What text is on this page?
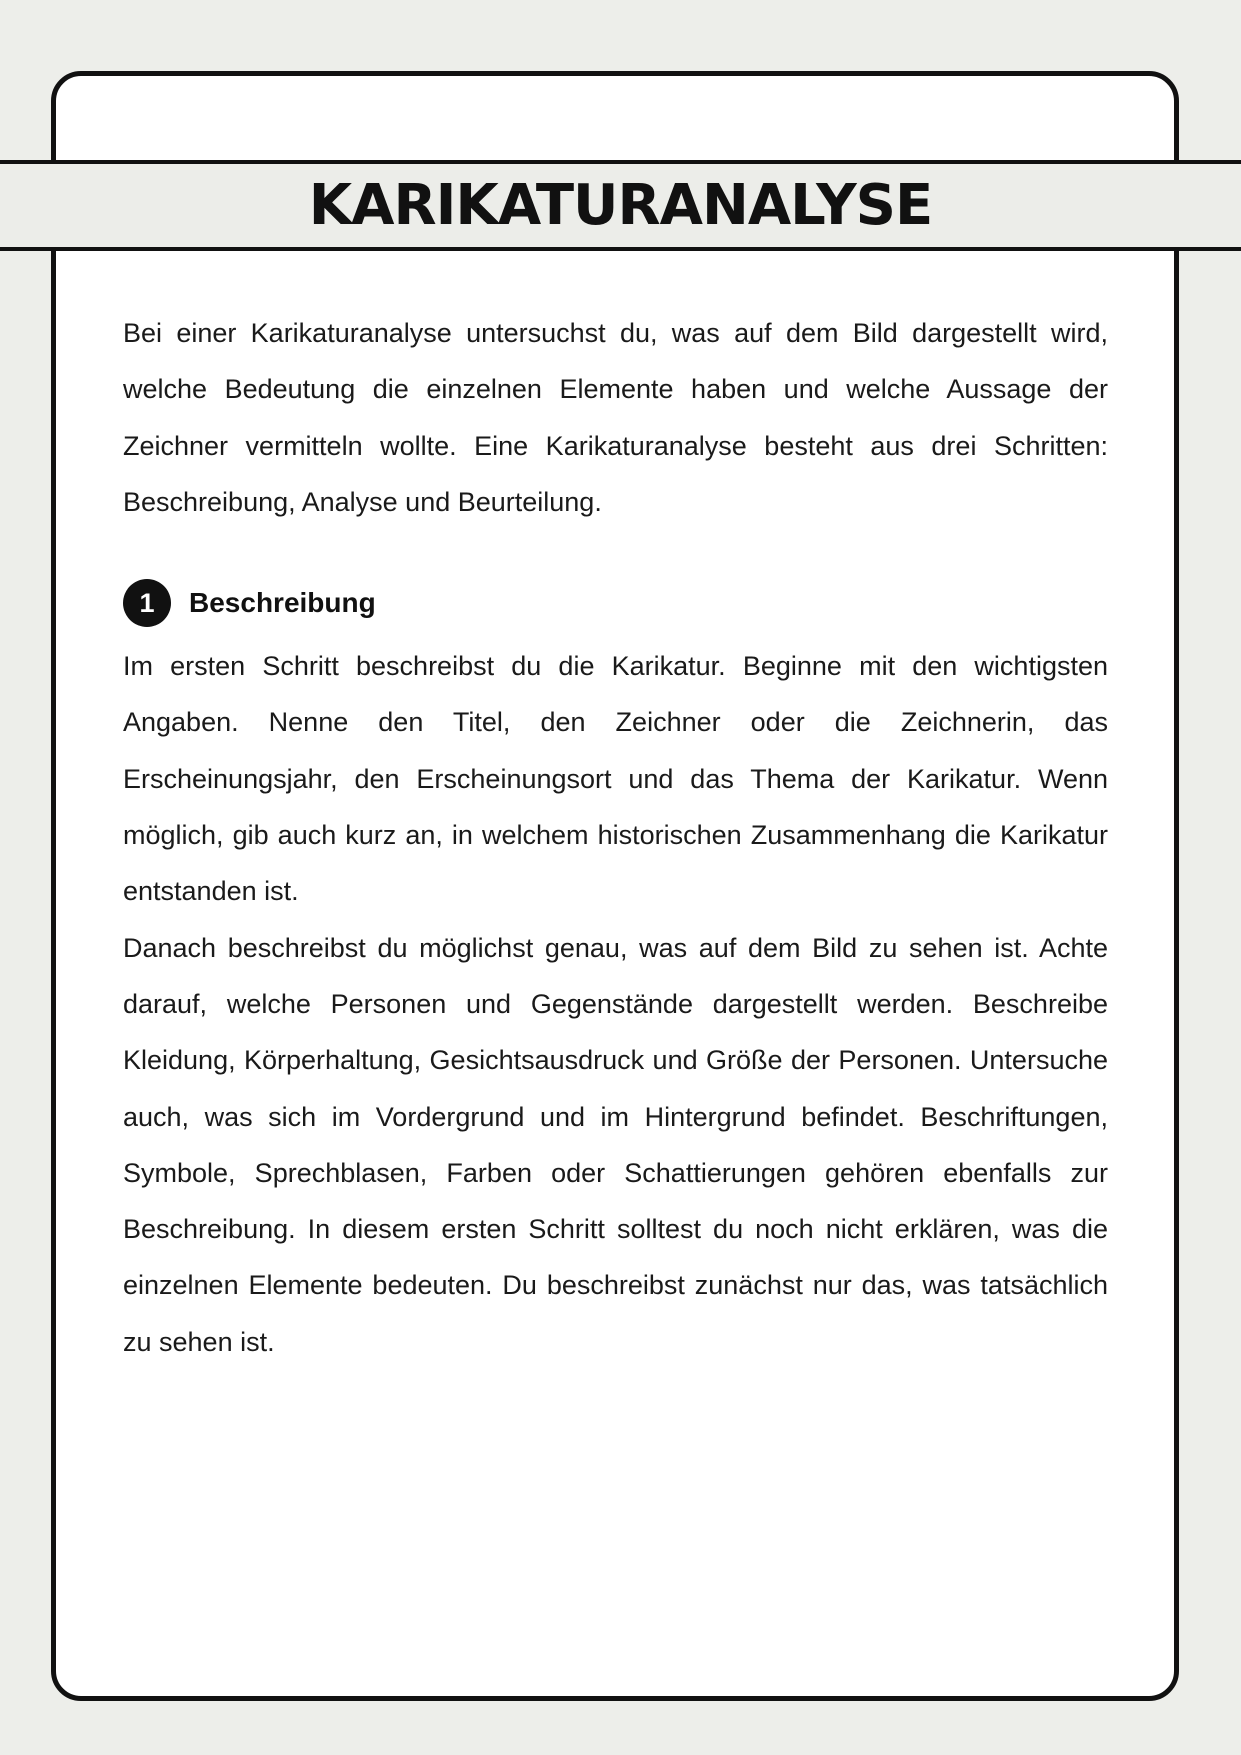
KARIKATURANALYSE

Bei einer Karikaturanalyse untersuchst du, was auf dem Bild dargestellt wird, welche Bedeutung die einzelnen Elemente haben und welche Aussage der Zeichner vermitteln wollte. Eine Karikaturanalyse besteht aus drei Schritten: Beschreibung, Analyse und Beurteilung.

1	Beschreibung

Im ersten Schritt beschreibst du die Karikatur. Beginne mit den wichtigsten Angaben. Nenne den Titel, den Zeichner oder die Zeichnerin, das Erscheinungsjahr, den Erscheinungsort und das Thema der Karikatur. Wenn möglich, gib auch kurz an, in welchem historischen Zusammenhang die Karikatur entstanden ist.

Danach beschreibst du möglichst genau, was auf dem Bild zu sehen ist. Achte darauf, welche Personen und Gegenstände dargestellt werden. Beschreibe Kleidung, Körperhaltung, Gesichtsausdruck und Größe der Personen. Untersuche auch, was sich im Vordergrund und im Hintergrund befindet. Beschriftungen, Symbole, Sprechblasen, Farben oder Schattierungen gehören ebenfalls zur Beschreibung. In diesem ersten Schritt solltest du noch nicht erklären, was die einzelnen Elemente bedeuten. Du beschreibst zunächst nur das, was tatsächlich zu sehen ist.
